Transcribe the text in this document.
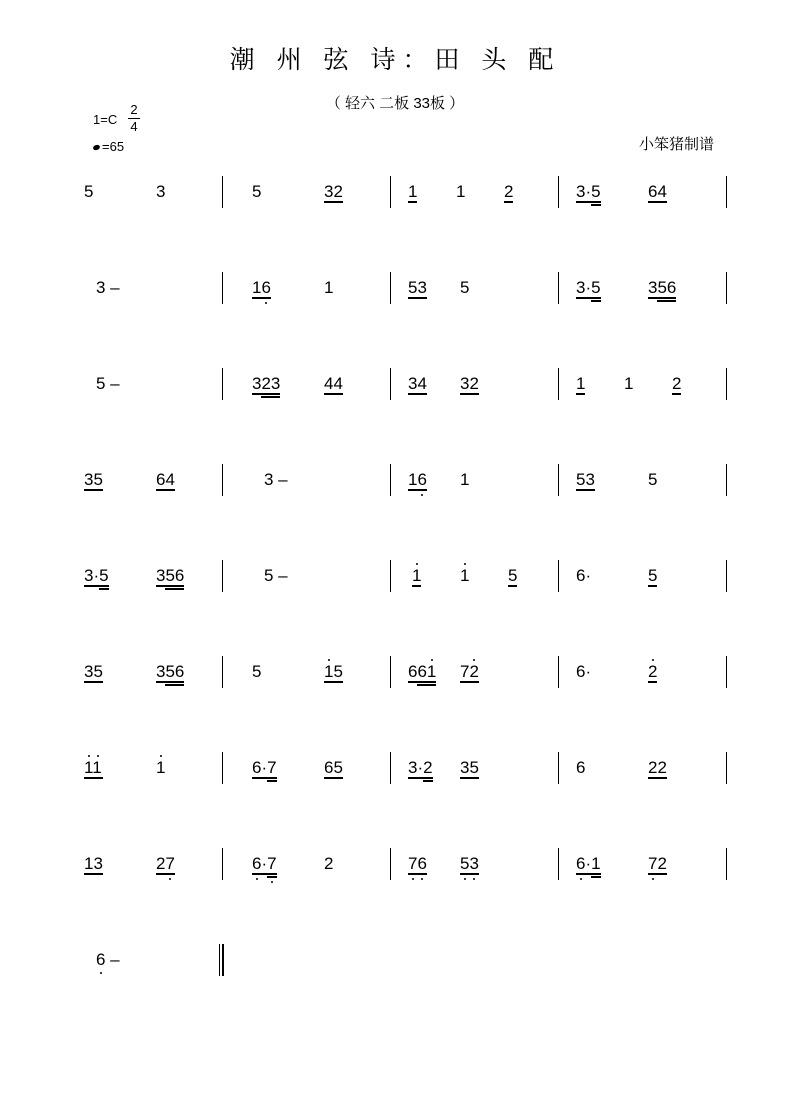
潮 州 弦 诗：田 头 配
（ 轻六 二板 33板 ）
1=C
2
4
=65	小笨猪制谱
5	3	5	32	1 1 2	3·5	64
3 –	16	1	53 5	3·5	356
5 –	323	44	34 32	1 1 2
35	64	3 –	16 1	53	5
3·5	356	5 –	1 1 5	6·	5
35	356	5	15	661 72	6·	2
11	1	6·7	65	3·2 35	6	22
13	27	6·7	2	76 53	6·1	72
6 –
